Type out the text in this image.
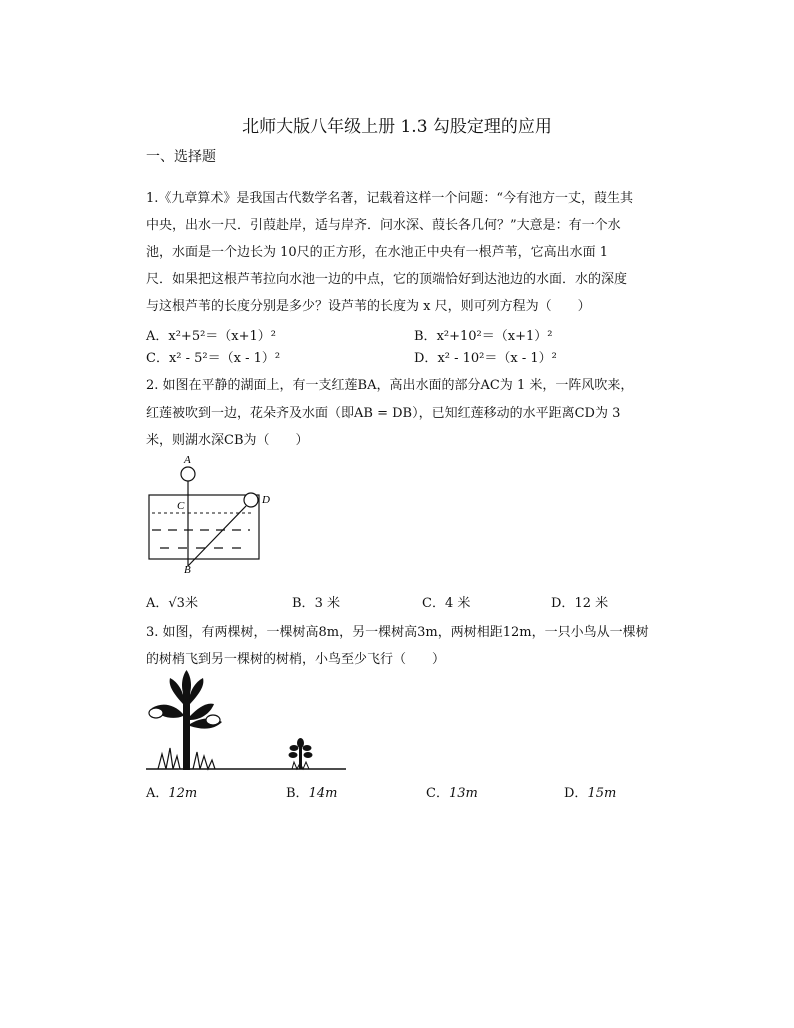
北师大版八年级上册 1.3 勾股定理的应用
一、选择题
1.《九章算术》是我国古代数学名著，记载着这样一个问题：“今有池方一丈，葭生其
中央，出水一尺．引葭赴岸，适与岸齐．问水深、葭长各几何？”大意是：有一个水
池，水面是一个边长为 10尺的正方形，在水池正中央有一根芦苇，它高出水面 1
尺．如果把这根芦苇拉向水池一边的中点，它的顶端恰好到达池边的水面．水的深度
与这根芦苇的长度分别是多少？设芦苇的长度为 x 尺，则可列方程为（　　）
A．x²+5²＝（x+1）²	B．x²+10²＝（x+1）²
C．x² - 5²＝（x - 1）²	D．x² - 10²＝（x - 1）²
2. 如图在平静的湖面上，有一支红莲BA，高出水面的部分AC为 1 米，一阵风吹来，
红莲被吹到一边，花朵齐及水面（即AB = DB），已知红莲移动的水平距离CD为 3
米，则湖水深CB为（　　）
A
C	D
B
A．√3米	B．3 米	C．4 米	D．12 米
3. 如图，有两棵树，一棵树高8m，另一棵树高3m，两树相距12m，一只小鸟从一棵树
的树梢飞到另一棵树的树梢，小鸟至少飞行（　　）
A．12m	B．14m	C．13m	D．15m
